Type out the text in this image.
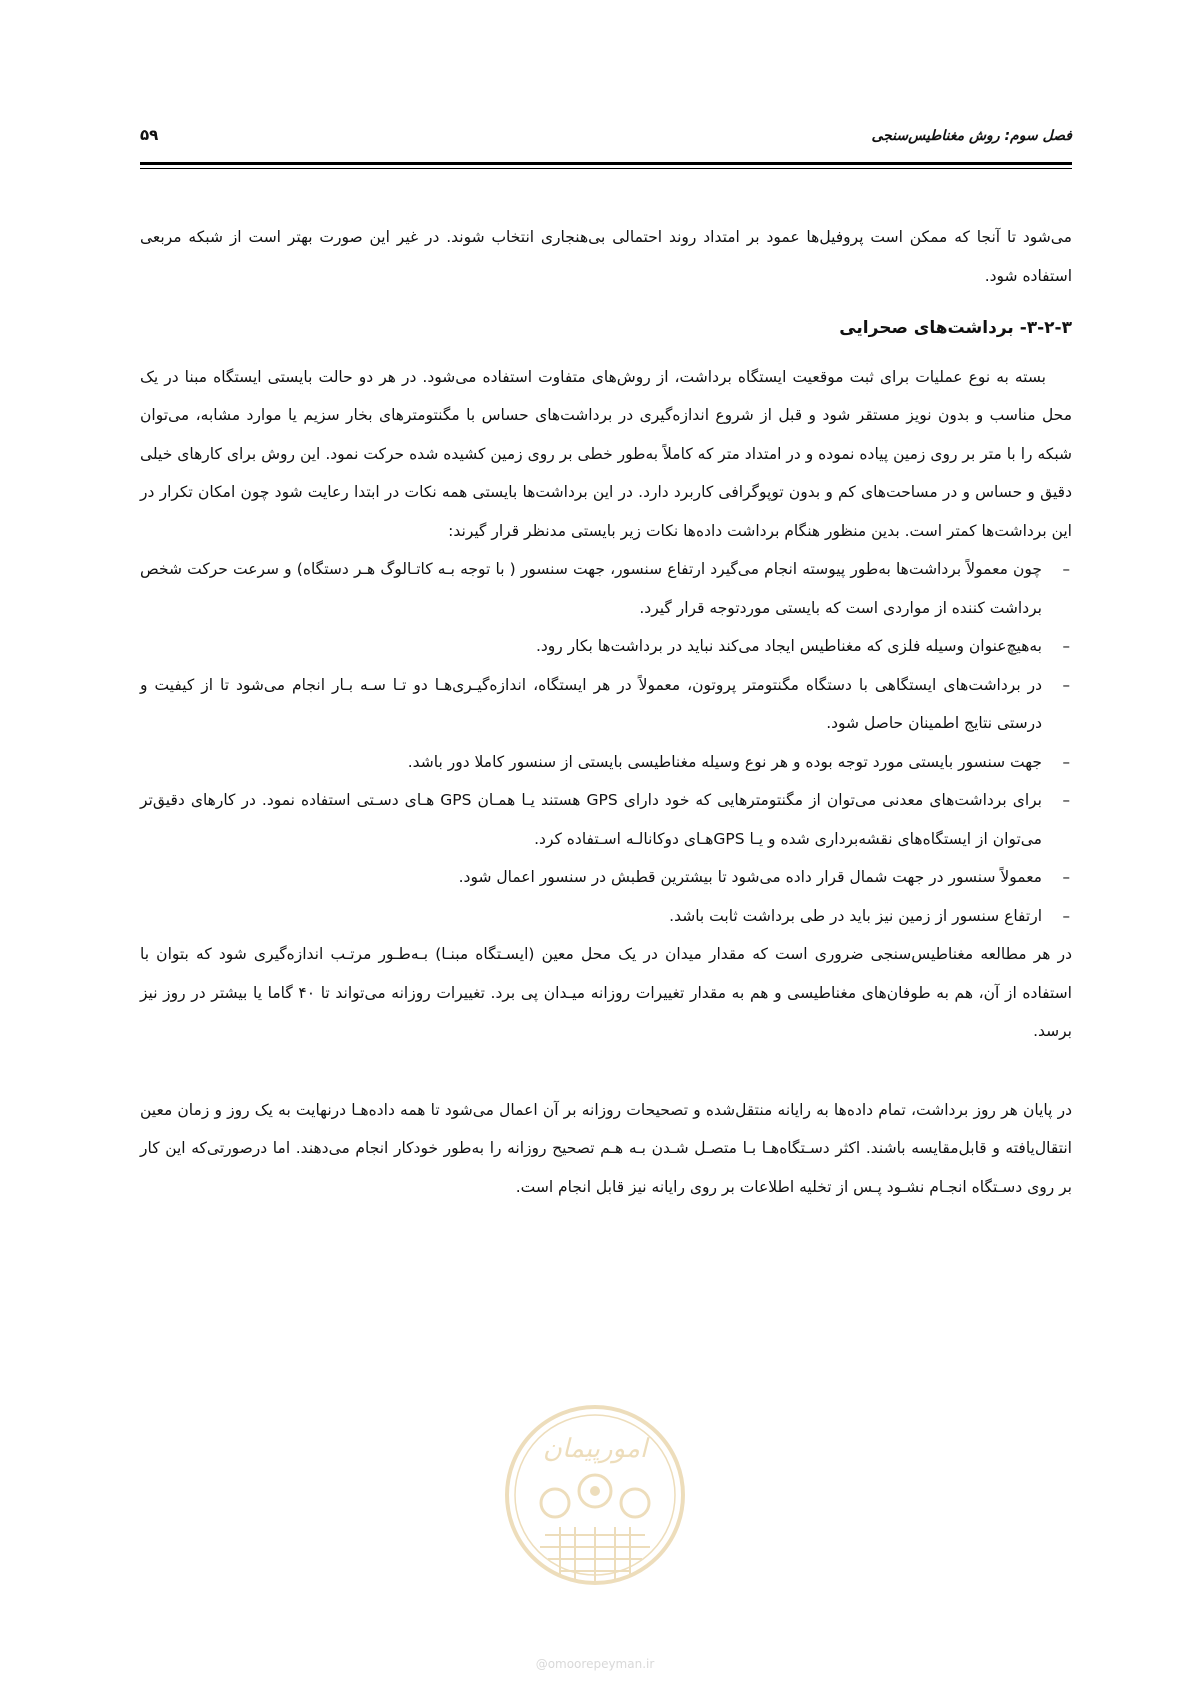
فصل سوم: روش مغناطیس‌سنجی
۵۹

می‌شود تا آنجا که ممکن است پروفیل‌ها عمود بر امتداد روند احتمالی بی‌هنجاری انتخاب شوند. در غیر این صورت بهتر است از شبکه مربعی استفاده شود.

۳-۲-۳- برداشت‌های صحرایی

بسته به نوع عملیات برای ثبت موقعیت ایستگاه برداشت، از روش‌های متفاوت استفاده می‌شود. در هر دو حالت بایستی ایستگاه مبنا در یک محل مناسب و بدون نویز مستقر شود و قبل از شروع اندازه‌گیری در برداشت‌های حساس با مگنتومترهای بخار سزیم یا موارد مشابه، می‌توان شبکه را با متر بر روی زمین پیاده نموده و در امتداد متر که کاملاً به‌طور خطی بر روی زمین کشیده شده حرکت نمود. این روش برای کارهای خیلی دقیق و حساس و در مساحت‌های کم و بدون توپوگرافی کاربرد دارد. در این برداشت‌ها بایستی همه نکات در ابتدا رعایت شود چون امکان تکرار در این برداشت‌ها کمتر است. بدین منظور هنگام برداشت داده‌ها نکات زیر بایستی مدنظر قرار گیرند:

–
چون معمولاً برداشت‌ها به‌طور پیوسته انجام می‌گیرد ارتفاع سنسور، جهت سنسور ( با توجه بـه کاتـالوگ هـر دستگاه) و سرعت حرکت شخص برداشت کننده از مواردی است که بایستی موردتوجه قرار گیرد.
–
به‌هیچ‌عنوان وسیله فلزی که مغناطیس ایجاد می‌کند نباید در برداشت‌ها بکار رود.
–
در برداشت‌های ایستگاهی با دستگاه مگنتومتر پروتون، معمولاً در هر ایستگاه، اندازه‌گیـری‌هـا دو تـا سـه بـار انجام می‌شود تا از کیفیت و درستی نتایج اطمینان حاصل شود.
–
جهت سنسور بایستی مورد توجه بوده و هر نوع وسیله مغناطیسی بایستی از سنسور کاملا دور باشد.
–
برای برداشت‌های معدنی می‌توان از مگنتومترهایی که خود دارای GPS هستند یـا همـان GPS هـای دسـتی استفاده نمود. در کارهای دقیق‌تر می‌توان از ایستگاه‌های نقشه‌برداری شده و یـا GPSهـای دوکانالـه اسـتفاده کرد.
–
معمولاً سنسور در جهت شمال قرار داده می‌شود تا بیشترین قطبش در سنسور اعمال شود.
–
ارتفاع سنسور از زمین نیز باید در طی برداشت ثابت باشد.

در هر مطالعه مغناطیس‌سنجی ضروری است که مقدار میدان در یک محل معین (ایسـتگاه مبنـا) بـه‌طـور مرتـب اندازه‌گیری شود که بتوان با استفاده از آن، هم به طوفان‌های مغناطیسی و هم به مقدار تغییرات روزانه میـدان پی برد. تغییرات روزانه می‌تواند تا ۴۰ گاما یا بیشتر در روز نیز برسد.

در پایان هر روز برداشت، تمام داده‌ها به رایانه منتقل‌شده و تصحیحات روزانه بر آن اعمال می‌شود تا همه داده‌هـا درنهایت به یک روز و زمان معین انتقال‌یافته و قابل‌مقایسه باشند. اکثر دسـتگاه‌هـا بـا متصـل شـدن بـه هـم تصحیح روزانه را به‌طور خودکار انجام می‌دهند. اما درصورتی‌که این کار بر روی دسـتگاه انجـام نشـود پـس از تخلیه اطلاعات بر روی رایانه نیز قابل انجام است.

امورپیمان
@omoorepeyman.ir
